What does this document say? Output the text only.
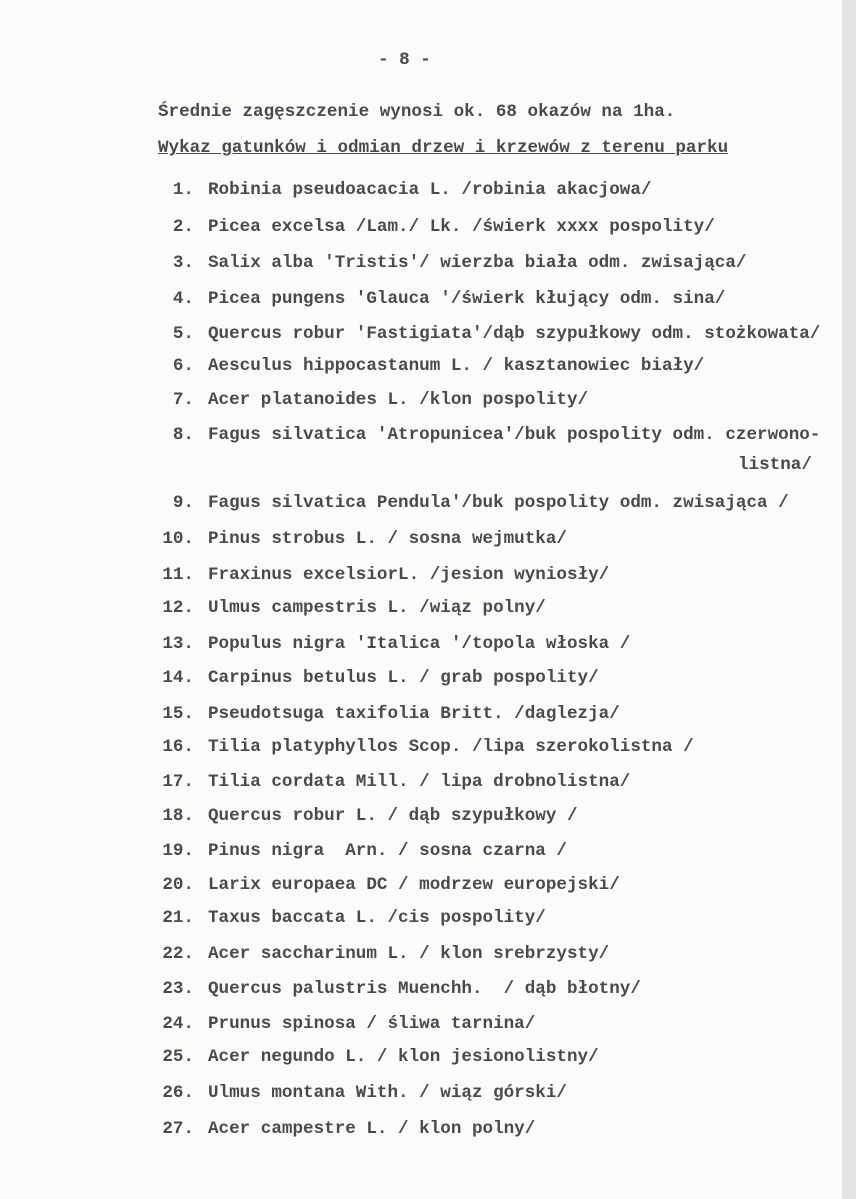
- 8 -
Średnie zagęszczenie wynosi ok. 68 okazów na 1ha.
Wykaz gatunków i odmian drzew i krzewów z terenu parku
1. Robinia pseudoacacia L. /robinia akacjowa/
2. Picea excelsa /Lam./ Lk. /świerk xxxx pospolity/
3. Salix alba 'Tristis'/ wierzba biała odm. zwisająca/
4. Picea pungens 'Glauca '/świerk kłujący odm. sina/
5. Quercus robur 'Fastigiata'/dąb szypułkowy odm. stożkowata/
6. Aesculus hippocastanum L. / kasztanowiec biały/
7. Acer platanoides L. /klon pospolity/
8. Fagus silvatica 'Atropunicea'/buk pospolity odm. czerwono-
listna/
9. Fagus silvatica Pendula'/buk pospolity odm. zwisająca /
10. Pinus strobus L. / sosna wejmutka/
11. Fraxinus excelsiorL. /jesion wyniosły/
12. Ulmus campestris L. /wiąz polny/
13. Populus nigra 'Italica '/topola włoska /
14. Carpinus betulus L. / grab pospolity/
15. Pseudotsuga taxifolia Britt. /daglezja/
16. Tilia platyphyllos Scop. /lipa szerokolistna /
17. Tilia cordata Mill. / lipa drobnolistna/
18. Quercus robur L. / dąb szypułkowy /
19. Pinus nigra  Arn. / sosna czarna /
20. Larix europaea DC / modrzew europejski/
21. Taxus baccata L. /cis pospolity/
22. Acer saccharinum L. / klon srebrzysty/
23. Quercus palustris Muenchh.  / dąb błotny/
24. Prunus spinosa / śliwa tarnina/
25. Acer negundo L. / klon jesionolistny/
26. Ulmus montana With. / wiąz górski/
27. Acer campestre L. / klon polny/
